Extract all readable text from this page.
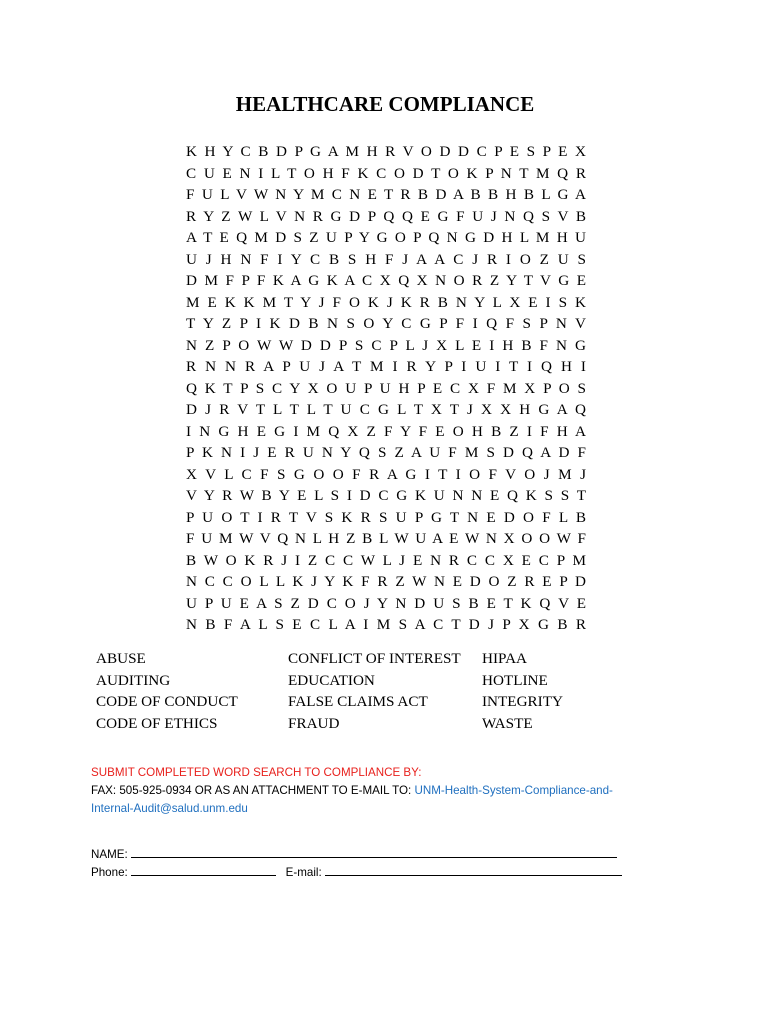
HEALTHCARE COMPLIANCE
K H Y C B D P G A M H R V O D D C P E S P E X
C U E N I L T O H F K C O D T O K P N T M Q R
F U L V W N Y M C N E T R B D A B B H B L G A
R Y Z W L V N R G D P Q Q E G F U J N Q S V B
A T E Q M D S Z U P Y G O P Q N G D H L M H U
U J H N F I Y C B S H F J A A C J R I O Z U S
D M F P F K A G K A C X Q X N O R Z Y T V G E
M E K K M T Y J F O K J K R B N Y L X E I S K
T Y Z P I K D B N S O Y C G P F I Q F S P N V
N Z P O W W D D P S C P L J X L E I H B F N G
R N N R A P U J A T M I R Y P I U I T I Q H I
Q K T P S C Y X O U P U H P E C X F M X P O S
D J R V T L T L T U C G L T X T J X X H G A Q
I N G H E G I M Q X Z F Y F E O H B Z I F H A
P K N I J E R U N Y Q S Z A U F M S D Q A D F
X V L C F S G O O F R A G I T I O F V O J M J
V Y R W B Y E L S I D C G K U N N E Q K S S T
P U O T I R T V S K R S U P G T N E D O F L B
F U M W V Q N L H Z B L W U A E W N X O O W F
B W O K R J I Z C C W L J E N R C C X E C P M
N C C O L L K J Y K F R Z W N E D O Z R E P D
U P U E A S Z D C O J Y N D U S B E T K Q V E
N B F A L S E C L A I M S A C T D J P X G B R
ABUSE
AUDITING
CODE OF CONDUCT
CODE OF ETHICS
CONFLICT OF INTEREST
EDUCATION
FALSE CLAIMS ACT
FRAUD
HIPAA
HOTLINE
INTEGRITY
WASTE
SUBMIT COMPLETED WORD SEARCH TO COMPLIANCE BY:
FAX: 505-925-0934 OR AS AN ATTACHMENT TO E-MAIL TO: UNM-Health-System-Compliance-and-
Internal-Audit@salud.unm.edu
NAME:
Phone:	E-mail:
